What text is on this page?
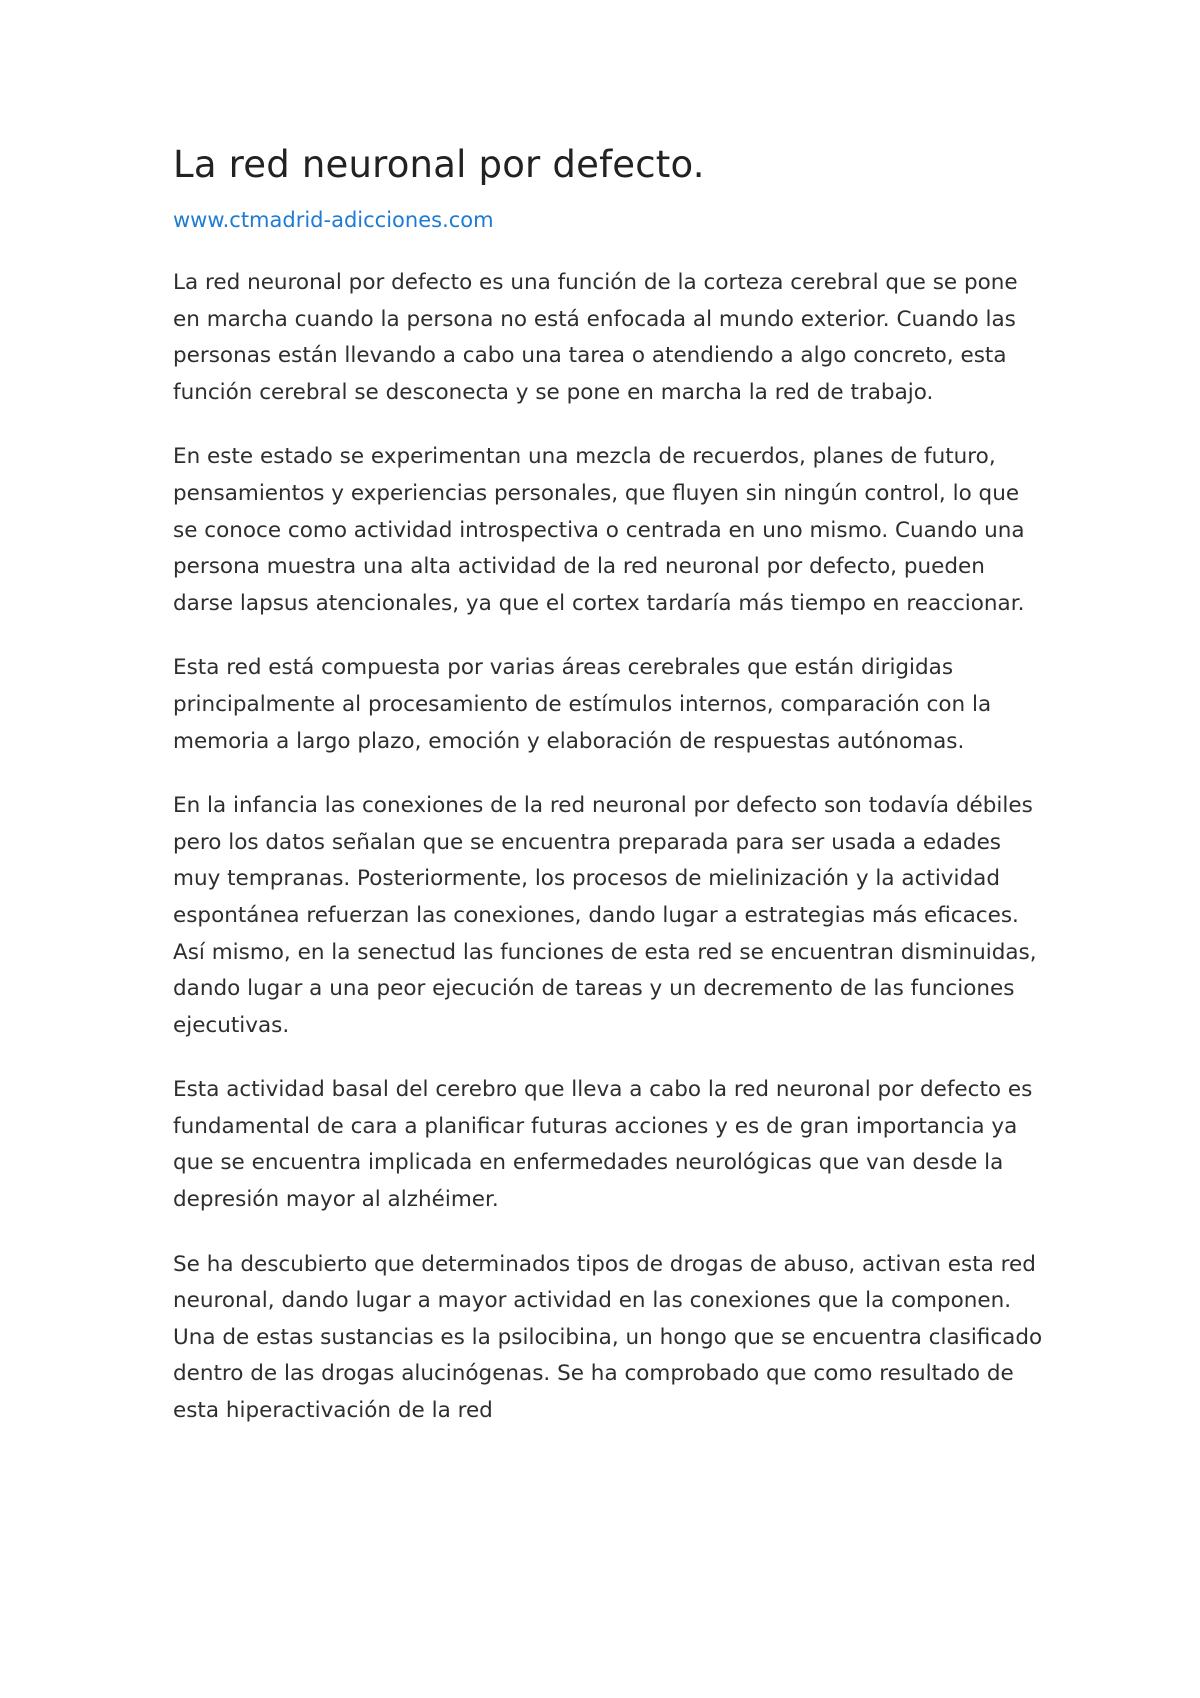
La red neuronal por defecto.
www.ctmadrid-adicciones.com

La red neuronal por defecto es una función de la corteza cerebral que se pone en marcha cuando la persona no está enfocada al mundo exterior. Cuando las personas están llevando a cabo una tarea o atendiendo a algo concreto, esta función cerebral se desconecta y se pone en marcha la red de trabajo.

En este estado se experimentan una mezcla de recuerdos, planes de futuro, pensamientos y experiencias personales, que fluyen sin ningún control, lo que se conoce como actividad introspectiva o centrada en uno mismo. Cuando una persona muestra una alta actividad de la red neuronal por defecto, pueden darse lapsus atencionales, ya que el cortex tardaría más tiempo en reaccionar.

Esta red está compuesta por varias áreas cerebrales que están dirigidas principalmente al procesamiento de estímulos internos, comparación con la memoria a largo plazo, emoción y elaboración de respuestas autónomas.

En la infancia las conexiones de la red neuronal por defecto son todavía débiles pero los datos señalan que se encuentra preparada para ser usada a edades muy tempranas. Posteriormente, los procesos de mielinización y la actividad espontánea refuerzan las conexiones, dando lugar a estrategias más eficaces. Así mismo, en la senectud las funciones de esta red se encuentran disminuidas, dando lugar a una peor ejecución de tareas y un decremento de las funciones ejecutivas.

Esta actividad basal del cerebro que lleva a cabo la red neuronal por defecto es fundamental de cara a planificar futuras acciones y es de gran importancia ya que se encuentra implicada en enfermedades neurológicas que van desde la depresión mayor al alzhéimer.

Se ha descubierto que determinados tipos de drogas de abuso, activan esta red neuronal, dando lugar a mayor actividad en las conexiones que la componen. Una de estas sustancias es la psilocibina, un hongo que se encuentra clasificado dentro de las drogas alucinógenas. Se ha comprobado que como resultado de esta hiperactivación de la red
